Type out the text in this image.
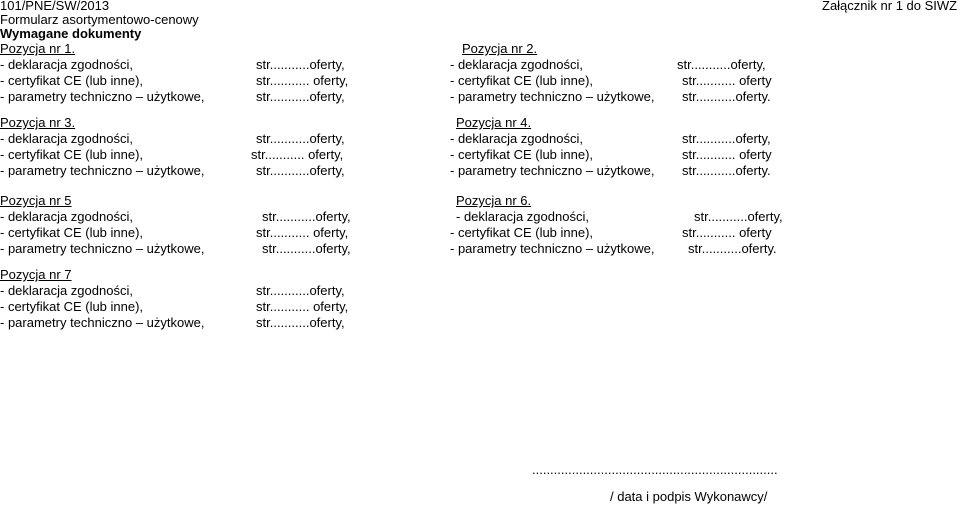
101/PNE/SW/2013
Formularz asortymentowo-cenowy
Wymagane dokumenty
Załącznik nr 1 do SIWZ
Pozycja nr 1.
- deklaracja zgodności,	str...........oferty,
- certyfikat CE (lub inne),	str........... oferty,
- parametry techniczno – użytkowe,	str...........oferty,
Pozycja nr 2.
- deklaracja zgodności,	str...........oferty,
- certyfikat CE (lub inne),	str........... oferty
- parametry techniczno – użytkowe, str...........oferty.
Pozycja nr 3.
- deklaracja zgodności,	str...........oferty,
- certyfikat CE (lub inne),	str........... oferty,
- parametry techniczno – użytkowe,	str...........oferty,
Pozycja nr 4.
- deklaracja zgodności,	str...........oferty,
- certyfikat CE (lub inne),	str........... oferty
- parametry techniczno – użytkowe, str...........oferty.
Pozycja nr 5
- deklaracja zgodności,	str...........oferty,
- certyfikat CE (lub inne),	str........... oferty,
- parametry techniczno – użytkowe,	str...........oferty,
Pozycja nr 6.
- deklaracja zgodności,	str...........oferty,
- certyfikat CE (lub inne),	str........... oferty
- parametry techniczno – użytkowe,	str...........oferty.
Pozycja nr 7
- deklaracja zgodności,	str...........oferty,
- certyfikat CE (lub inne),	str........... oferty,
- parametry techniczno – użytkowe,	str...........oferty,
....................................................................
/ data i podpis Wykonawcy/
